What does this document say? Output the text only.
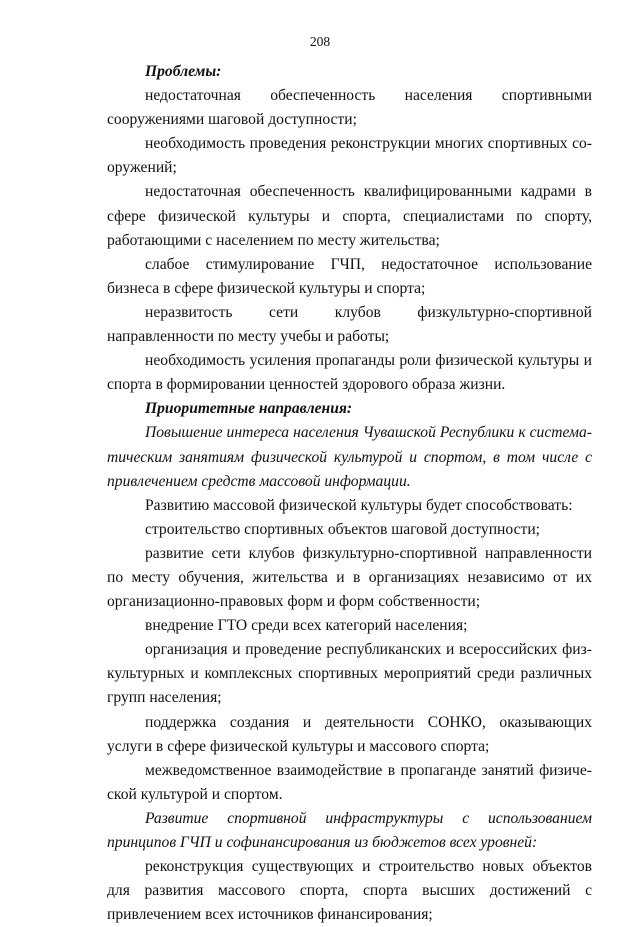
208

Проблемы:

недостаточная обеспеченность населения спортивными сооружениями шаговой доступности;

необходимость проведения реконструкции многих спортивных сооружений;

недостаточная обеспеченность квалифицированными кадрами в сфере физической культуры и спорта, специалистами по спорту, работающими с населением по месту жительства;

слабое стимулирование ГЧП, недостаточное использование бизнеса в сфере физической культуры и спорта;

неразвитость сети клубов физкультурно-спортивной направленности по месту учебы и работы;

необходимость усиления пропаганды роли физической культуры и спорта в формировании ценностей здорового образа жизни.

Приоритетные направления:

Повышение интереса населения Чувашской Республики к систематическим занятиям физической культурой и спортом, в том числе с привлечением средств массовой информации.

Развитию массовой физической культуры будет способствовать:

строительство спортивных объектов шаговой доступности;

развитие сети клубов физкультурно-спортивной направленности по месту обучения, жительства и в организациях независимо от их организационно-правовых форм и форм собственности;

внедрение ГТО среди всех категорий населения;

организация и проведение республиканских и всероссийских физкультурных и комплексных спортивных мероприятий среди различных групп населения;

поддержка создания и деятельности СОНКО, оказывающих услуги в сфере физической культуры и массового спорта;

межведомственное взаимодействие в пропаганде занятий физической культурой и спортом.

Развитие спортивной инфраструктуры с использованием принципов ГЧП и софинансирования из бюджетов всех уровней:

реконструкция существующих и строительство новых объектов для развития массового спорта, спорта высших достижений с привлечением всех источников финансирования;
